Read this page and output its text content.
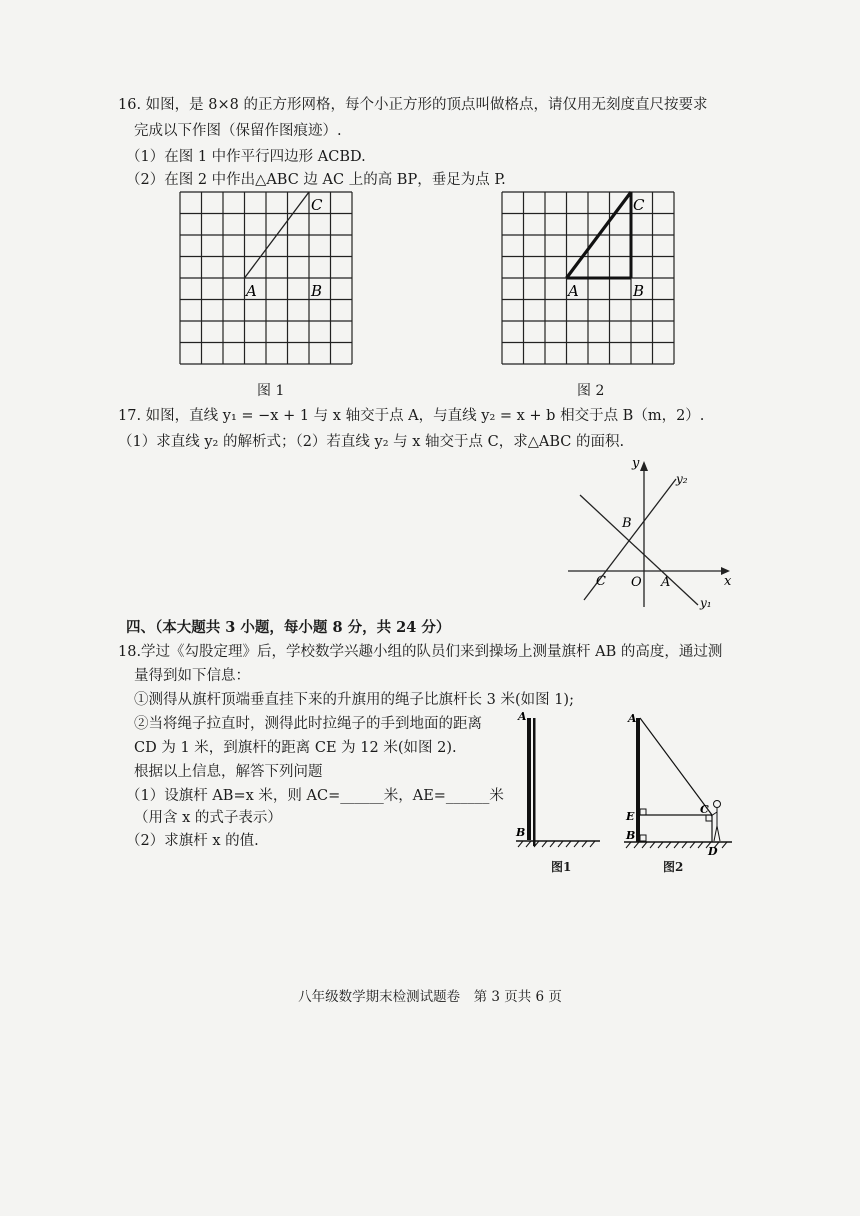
16. 如图，是 8×8 的正方形网格，每个小正方形的顶点叫做格点，请仅用无刻度直尺按要求
完成以下作图（保留作图痕迹）.
（1）在图 1 中作平行四边形 ACBD.
（2）在图 2 中作出△ABC 边 AC 上的高 BP，垂足为点 P.
C
A	B
图 1
C
A	B
图 2
17. 如图，直线 y₁ = −x + 1 与 x 轴交于点 A，与直线 y₂ = x + b 相交于点 B（m，2）.
（1）求直线 y₂ 的解析式；（2）若直线 y₂ 与 x 轴交于点 C，求△ABC 的面积.
y
y₂
B
C O A	x
y₁
四、（本大题共 3 小题，每小题 8 分，共 24 分）
18.学过《勾股定理》后，学校数学兴趣小组的队员们来到操场上测量旗杆 AB 的高度，通过测
量得到如下信息：
①测得从旗杆顶端垂直挂下来的升旗用的绳子比旗杆长 3 米(如图 1);
②当将绳子拉直时，测得此时拉绳子的手到地面的距离
CD 为 1 米，到旗杆的距离 CE 为 12 米(如图 2).
根据以上信息，解答下列问题
（1）设旗杆 AB=x 米，则 AC=______米，AE=______米
（用含 x 的式子表示）
（2）求旗杆 x 的值.
A
B
图1
A
E
B
C
D
图2
八年级数学期末检测试题卷　第 3 页共 6 页
